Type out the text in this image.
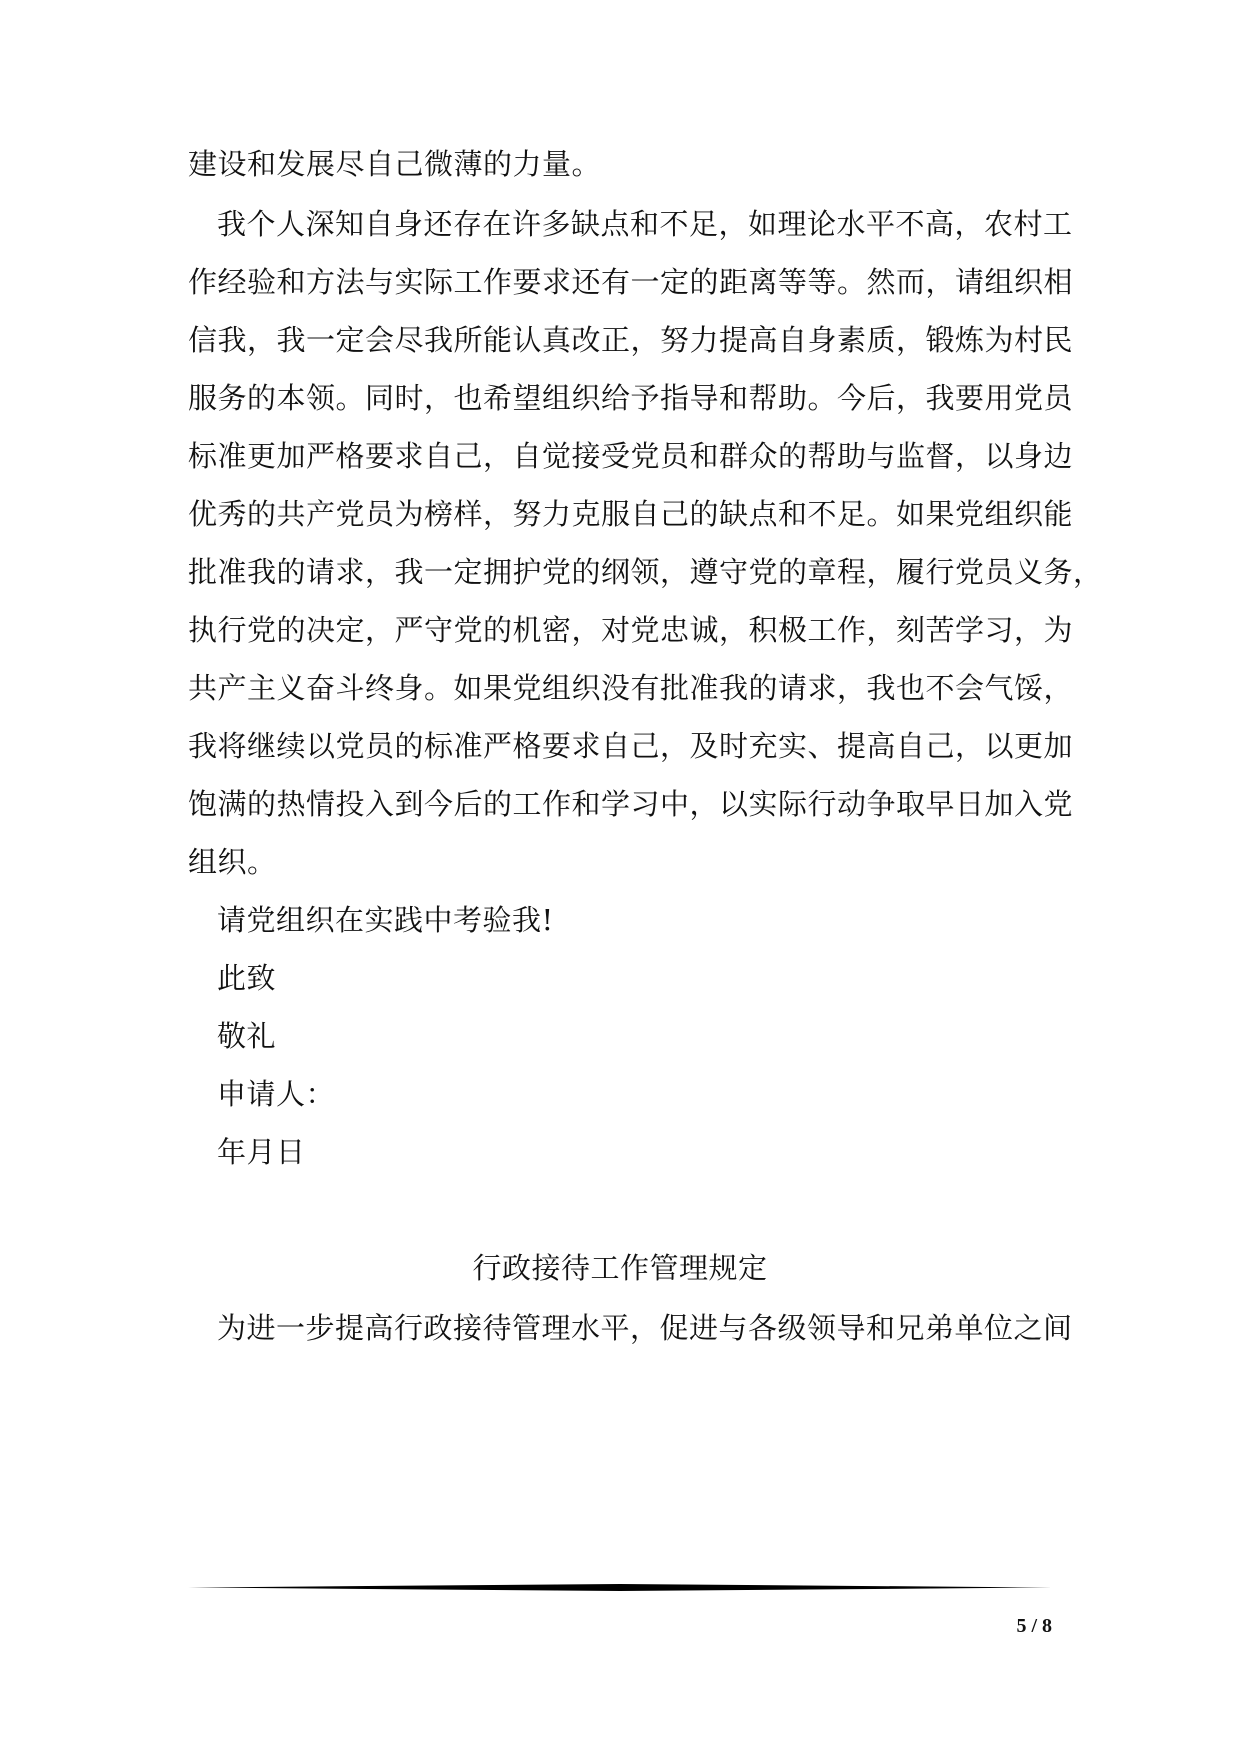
建设和发展尽自己微薄的力量。
我个人深知自身还存在许多缺点和不足，如理论水平不高，农村工
作经验和方法与实际工作要求还有一定的距离等等。然而，请组织相
信我，我一定会尽我所能认真改正，努力提高自身素质，锻炼为村民
服务的本领。同时，也希望组织给予指导和帮助。今后，我要用党员
标准更加严格要求自己，自觉接受党员和群众的帮助与监督，以身边
优秀的共产党员为榜样，努力克服自己的缺点和不足。如果党组织能
批准我的请求，我一定拥护党的纲领，遵守党的章程，履行党员义务，
执行党的决定，严守党的机密，对党忠诚，积极工作，刻苦学习，为
共产主义奋斗终身。如果党组织没有批准我的请求，我也不会气馁，
我将继续以党员的标准严格要求自己，及时充实、提高自己，以更加
饱满的热情投入到今后的工作和学习中，以实际行动争取早日加入党
组织。
请党组织在实践中考验我!
此致
敬礼
申请人：
年月日
行政接待工作管理规定
为进一步提高行政接待管理水平，促进与各级领导和兄弟单位之间
5 / 8
